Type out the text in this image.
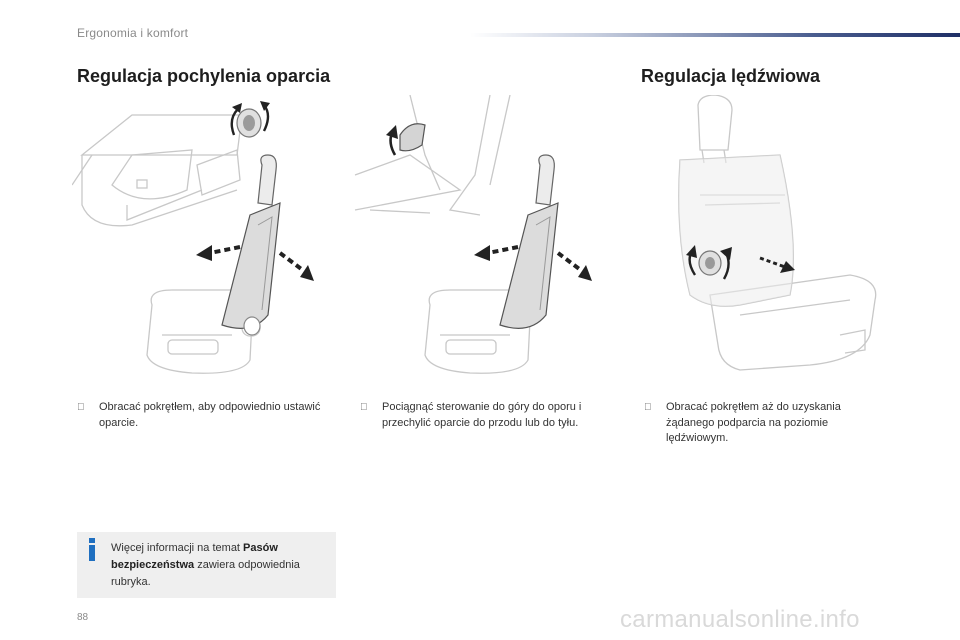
Ergonomia i komfort
Regulacja pochylenia oparcia	Regulacja lędźwiowa
Obracać pokrętłem, aby odpowiednio ustawić oparcie.
Pociągnąć sterowanie do góry do oporu i przechylić oparcie do przodu lub do tyłu.
Obracać pokrętłem aż do uzyskania żądanego podparcia na poziomie lędźwiowym.
Więcej informacji na temat Pasów bezpieczeństwa zawiera odpowiednia rubryka.
88	carmanualsonline.info
